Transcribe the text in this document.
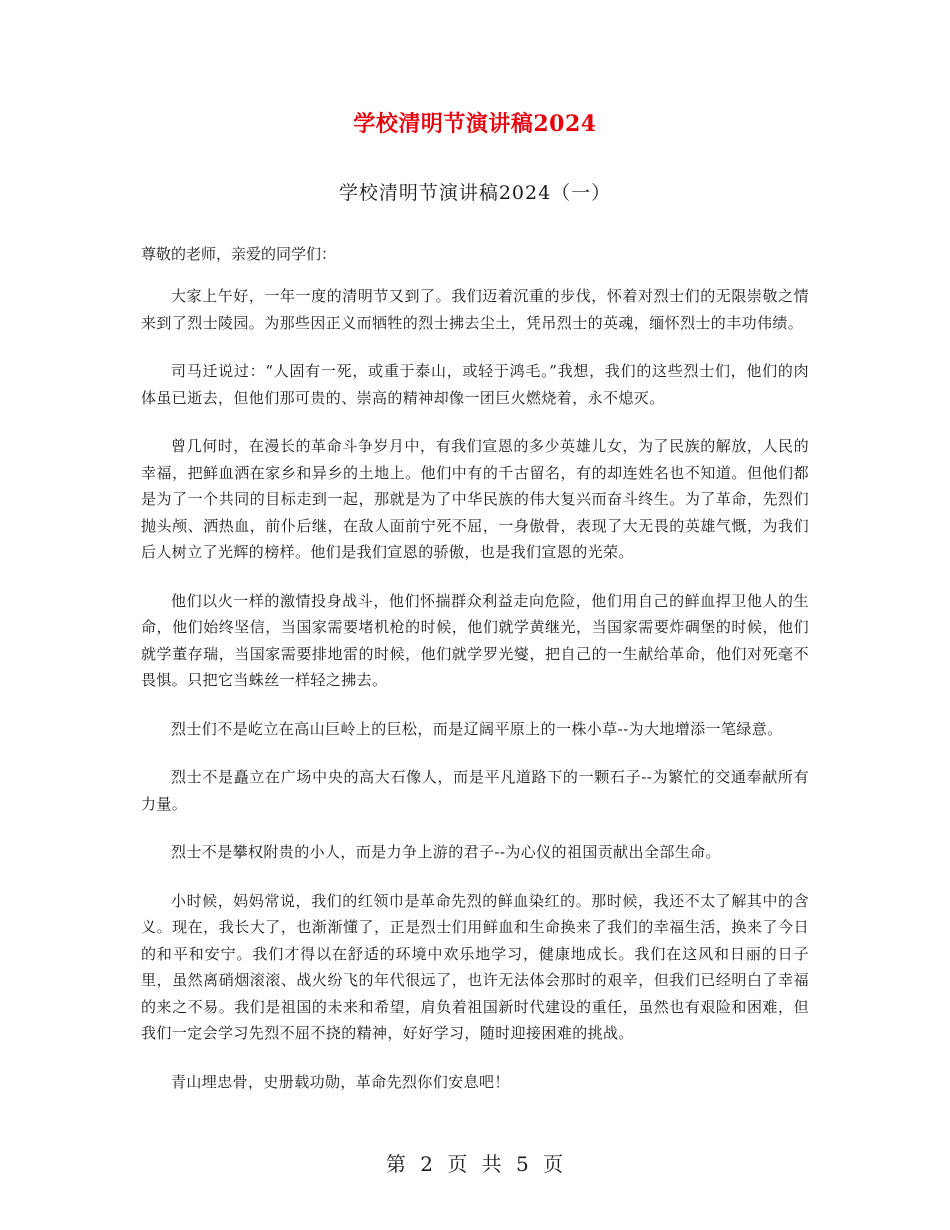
学校清明节演讲稿2024
学校清明节演讲稿2024（一）
尊敬的老师，亲爱的同学们：

大家上午好，一年一度的清明节又到了。我们迈着沉重的步伐，怀着对烈士们的无限崇敬之情来到了烈士陵园。为那些因正义而牺牲的烈士拂去尘土，凭吊烈士的英魂，缅怀烈士的丰功伟绩。

司马迁说过：“人固有一死，或重于泰山，或轻于鸿毛。”我想，我们的这些烈士们，他们的肉体虽已逝去，但他们那可贵的、崇高的精神却像一团巨火燃烧着，永不熄灭。

曾几何时，在漫长的革命斗争岁月中，有我们宣恩的多少英雄儿女，为了民族的解放，人民的幸福，把鲜血洒在家乡和异乡的土地上。他们中有的千古留名，有的却连姓名也不知道。但他们都是为了一个共同的目标走到一起，那就是为了中华民族的伟大复兴而奋斗终生。为了革命，先烈们抛头颅、洒热血，前仆后继，在敌人面前宁死不屈，一身傲骨，表现了大无畏的英雄气慨，为我们后人树立了光辉的榜样。他们是我们宣恩的骄傲，也是我们宣恩的光荣。

他们以火一样的激情投身战斗，他们怀揣群众利益走向危险，他们用自己的鲜血捍卫他人的生命，他们始终坚信，当国家需要堵机枪的时候，他们就学黄继光，当国家需要炸碉堡的时候，他们就学董存瑞，当国家需要排地雷的时候，他们就学罗光燮，把自己的一生献给革命，他们对死毫不畏惧。只把它当蛛丝一样轻之拂去。

烈士们不是屹立在高山巨岭上的巨松，而是辽阔平原上的一株小草--为大地增添一笔绿意。

烈士不是矗立在广场中央的高大石像人，而是平凡道路下的一颗石子--为繁忙的交通奉献所有力量。

烈士不是攀权附贵的小人，而是力争上游的君子--为心仪的祖国贡献出全部生命。

小时候，妈妈常说，我们的红领巾是革命先烈的鲜血染红的。那时候，我还不太了解其中的含义。现在，我长大了，也渐渐懂了，正是烈士们用鲜血和生命换来了我们的幸福生活，换来了今日的和平和安宁。我们才得以在舒适的环境中欢乐地学习，健康地成长。我们在这风和日丽的日子里，虽然离硝烟滚滚、战火纷飞的年代很远了，也许无法体会那时的艰辛，但我们已经明白了幸福的来之不易。我们是祖国的未来和希望，肩负着祖国新时代建设的重任，虽然也有艰险和困难，但我们一定会学习先烈不屈不挠的精神，好好学习，随时迎接困难的挑战。

青山埋忠骨，史册载功勋，革命先烈你们安息吧！

第 2 页 共 5 页
